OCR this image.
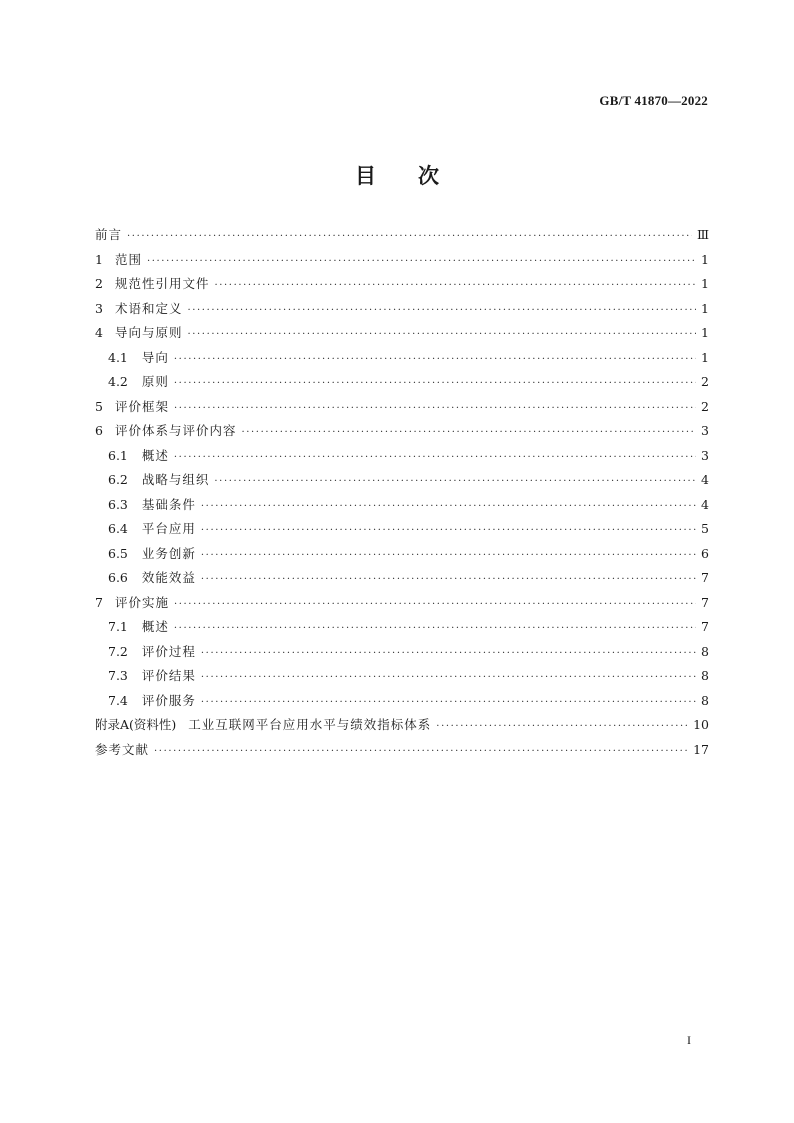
GB/T 41870—2022
目 次
前言 ·····	Ⅲ
1 范围 ·····	1
2 规范性引用文件 ·····	1
3 术语和定义 ·····	1
4 导向与原则 ·····	1
4.1 导向 ·····	1
4.2 原则 ·····	2
5 评价框架 ·····	2
6 评价体系与评价内容 ·····	3
6.1 概述 ·····	3
6.2 战略与组织 ·····	4
6.3 基础条件 ·····	4
6.4 平台应用 ·····	5
6.5 业务创新 ·····	6
6.6 效能效益 ·····	7
7 评价实施 ·····	7
7.1 概述 ·····	7
7.2 评价过程 ·····	8
7.3 评价结果 ·····	8
7.4 评价服务 ·····	8
附录A(资料性) 工业互联网平台应用水平与绩效指标体系 ·····	10
参考文献 ·····	17
I
